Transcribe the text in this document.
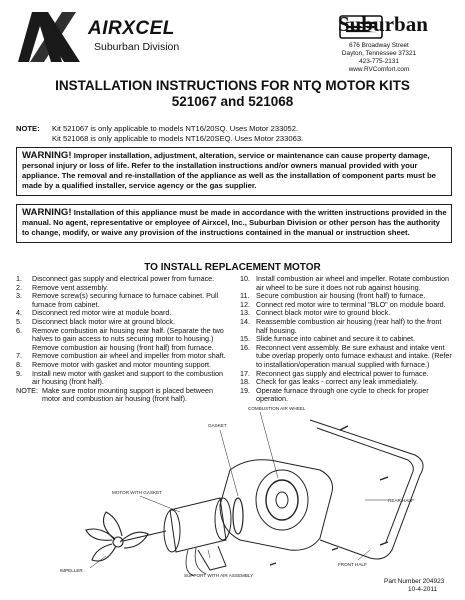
AIRXCEL
Suburban Division
Suburban
676 Broadway Street
Dayton, Tennessee 37321
423-775-2131
www.RVComfort.com
INSTALLATION INSTRUCTIONS FOR NTQ MOTOR KITS
521067 and 521068
NOTE: Kit 521067 is only applicable to models NT16/20SQ. Uses Motor 233052.
Kit 521068 is only applicable to models NT16/20SEQ. Uses Motor 233063.
WARNING! Improper installation, adjustment, alteration, service or maintenance can cause property damage, personal injury or loss of life. Refer to the installation instructions and/or owners manual provided with your appliance. The removal and re-installation of the appliance as well as the installation of component parts must be made by a qualified installer, service agency or the gas supplier.
WARNING! Installation of this appliance must be made in accordance with the written instructions provided in the manual. No agent, representative or employee of Airxcel, Inc., Suburban Division or other person has the authority to change, modify, or waive any provision of the instructions contained in the manual or instruction sheet.
TO INSTALL REPLACEMENT MOTOR
1.	Disconnect gas supply and electrical power from furnace.
2.	Remove vent assembly.
3.	Remove screw(s) securing furnace to furnace cabinet. Pull furnace from cabinet.
4.	Disconnect red motor wire at module board.
5.	Disconnect black motor wire at ground block.
6.	Remove combustion air housing rear half. (Separate the two halves to gain access to nuts securing motor to housing.)
Remove combustion air housing (front half) from furnace.
7.	Remove combustion air wheel and impeller from motor shaft.
8.	Remove motor with gasket and motor mounting support.
9.	Install new motor with gasket and support to the combustion air housing (front half).
NOTE: Make sure motor mounting support is placed between motor and combustion air housing (front half).
10. Install combustion air wheel and impeller. Rotate combustion air wheel to be sure it does not rub against housing.
11. Secure combustion air housing (front half) to furnace.
12. Connect red motor wire to terminal "BLO" on module board.
13. Connect black motor wire to ground block.
14. Reassemble combustion air housing (rear half) to the front half housing.
15. Slide furnace into cabinet and secure it to cabinet.
16. Reconnect vent assembly. Be sure exhaust and intake vent tube overlap properly onto furnace exhaust and intake. (Refer to installation/operation manual supplied with furnace.)
17. Reconnect gas supply and electrical power to furnace.
18. Check for gas leaks - correct any leak immediately.
19. Operate furnace through one cycle to check for proper operation.
COMBUSTION AIR WHEEL
GASKET
MOTOR WITH GASKET
SUPPORT WITH AIR ASSEMBLY
IMPELLER
REAR HALF
FRONT HALF
Part Number 204923
10-4-2011
